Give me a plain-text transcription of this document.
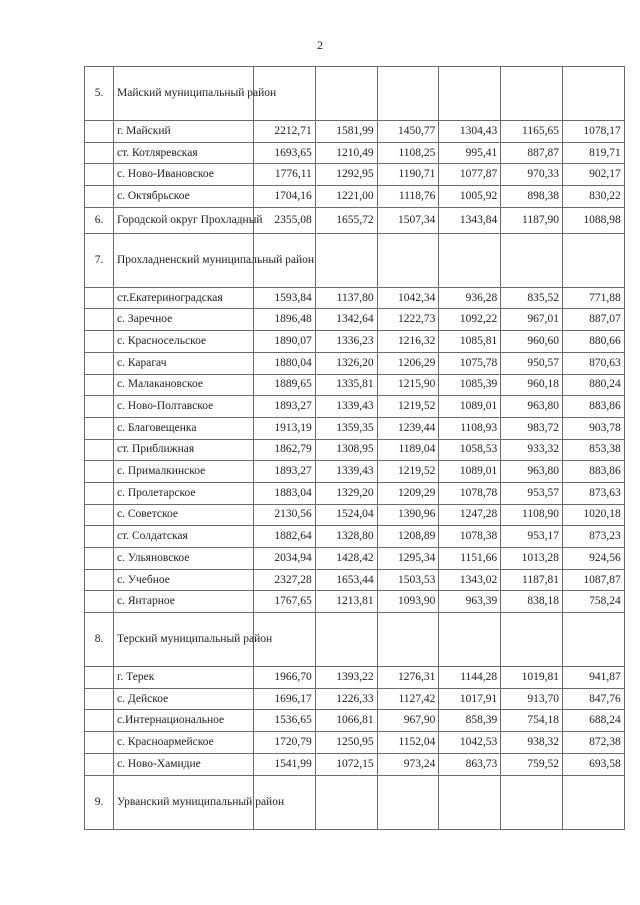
2
5.	Майский муниципальный район						
	г. Майский	2212,71	1581,99	1450,77	1304,43	1165,65	1078,17
	ст. Котляревская	1693,65	1210,49	1108,25	995,41	887,87	819,71
	с. Ново-Ивановское	1776,11	1292,95	1190,71	1077,87	970,33	902,17
	с. Октябрьское	1704,16	1221,00	1118,76	1005,92	898,38	830,22
6.	Городской округ Прохладный	2355,08	1655,72	1507,34	1343,84	1187,90	1088,98
7.	Прохладненский муниципальный район						
	ст.Екатериноградская	1593,84	1137,80	1042,34	936,28	835,52	771,88
	с. Заречное	1896,48	1342,64	1222,73	1092,22	967,01	887,07
	с. Красносельское	1890,07	1336,23	1216,32	1085,81	960,60	880,66
	с. Карагач	1880,04	1326,20	1206,29	1075,78	950,57	870,63
	с. Малакановское	1889,65	1335,81	1215,90	1085,39	960,18	880,24
	с. Ново-Полтавское	1893,27	1339,43	1219,52	1089,01	963,80	883,86
	с. Благовещенка	1913,19	1359,35	1239,44	1108,93	983,72	903,78
	ст. Приближная	1862,79	1308,95	1189,04	1058,53	933,32	853,38
	с. Прималкинское	1893,27	1339,43	1219,52	1089,01	963,80	883,86
	с. Пролетарское	1883,04	1329,20	1209,29	1078,78	953,57	873,63
	с. Советское	2130,56	1524,04	1390,96	1247,28	1108,90	1020,18
	ст. Солдатская	1882,64	1328,80	1208,89	1078,38	953,17	873,23
	с. Ульяновское	2034,94	1428,42	1295,34	1151,66	1013,28	924,56
	с. Учебное	2327,28	1653,44	1503,53	1343,02	1187,81	1087,87
	с. Янтарное	1767,65	1213,81	1093,90	963,39	838,18	758,24
8.	Терский муниципальный район						
	г. Терек	1966,70	1393,22	1276,31	1144,28	1019,81	941,87
	с. Дейское	1696,17	1226,33	1127,42	1017,91	913,70	847,76
	с.Интернациональное	1536,65	1066,81	967,90	858,39	754,18	688,24
	с. Красноармейское	1720,79	1250,95	1152,04	1042,53	938,32	872,38
	с. Ново-Хамидие	1541,99	1072,15	973,24	863,73	759,52	693,58
9.	Урванский муниципальный район						
